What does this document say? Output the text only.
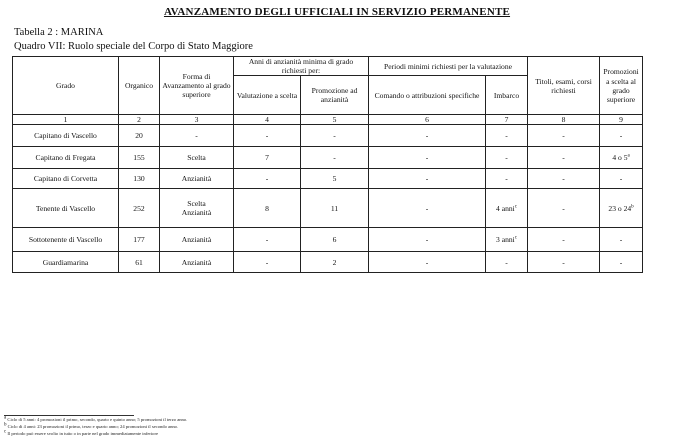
AVANZAMENTO DEGLI UFFICIALI IN SERVIZIO PERMANENTE
Tabella 2 : MARINA
Quadro VII: Ruolo speciale del Corpo di Stato Maggiore
Grado	Organico	Forma di Avanzamento al grado superiore	Anni di anzianità minima di grado richiesti per:		Periodi minimi richiesti per la valutazione		Titoli, esami, corsi richiesti	Promozioni a scelta al grado superiore
			Valutazione a scelta	Promozione ad anzianità	Comando o attribuzioni specifiche	Imbarco		
1	2	3	4	5	6	7	8	9
Capitano di Vascello	20	-	-	-	-	-	-	-
Capitano di Fregata	155	Scelta	7	-	-	-	-	4 o 5$^a$
Capitano di Corvetta	130	Anzianità	-	5	-	-	-	-
Tenente di Vascello	252	Scelta
Anzianità	8	11	-	4 anni$^c$	-	23 o 24$^b$
Sottotenente di Vascello	177	Anzianità	-	6	-	3 anni$^c$	-	-
Guardiamarina	61	Anzianità	-	2	-	-	-	-
$^a$ Ciclo di 5 anni: 4 promozioni il primo, secondo, quarto e quinto anno; 5 promozioni il terzo anno.
$^b$ Ciclo di 4 anni: 23 promozioni il primo, terzo e quarto anno; 24 promozioni il secondo anno.
$^c$ Il periodo può essere svolto in tutto o in parte nel grado immediatamente inferiore
